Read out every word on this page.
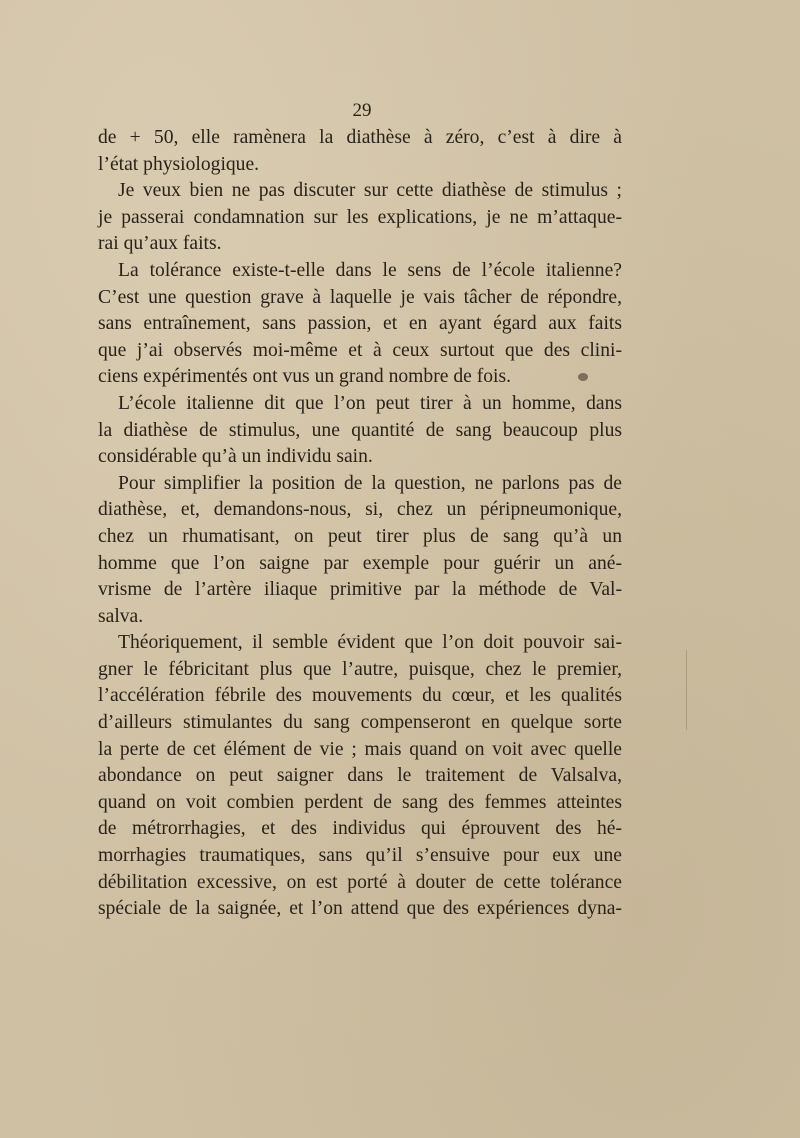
29
de + 50, elle ramènera la diathèse à zéro, c’est à dire à
l’état physiologique.
Je veux bien ne pas discuter sur cette diathèse de stimulus ;
je passerai condamnation sur les explications, je ne m’attaque-
rai qu’aux faits.
La tolérance existe-t-elle dans le sens de l’école italienne?
C’est une question grave à laquelle je vais tâcher de répondre,
sans entraînement, sans passion, et en ayant égard aux faits
que j’ai observés moi-même et à ceux surtout que des clini-
ciens expérimentés ont vus un grand nombre de fois.
L’école italienne dit que l’on peut tirer à un homme, dans
la diathèse de stimulus, une quantité de sang beaucoup plus
considérable qu’à un individu sain.
Pour simplifier la position de la question, ne parlons pas de
diathèse, et, demandons-nous, si, chez un péripneumonique,
chez un rhumatisant, on peut tirer plus de sang qu’à un
homme que l’on saigne par exemple pour guérir un ané-
vrisme de l’artère iliaque primitive par la méthode de Val-
salva.
Théoriquement, il semble évident que l’on doit pouvoir sai-
gner le fébricitant plus que l’autre, puisque, chez le premier,
l’accélération fébrile des mouvements du cœur, et les qualités
d’ailleurs stimulantes du sang compenseront en quelque sorte
la perte de cet élément de vie ; mais quand on voit avec quelle
abondance on peut saigner dans le traitement de Valsalva,
quand on voit combien perdent de sang des femmes atteintes
de métrorrhagies, et des individus qui éprouvent des hé-
morrhagies traumatiques, sans qu’il s’ensuive pour eux une
débilitation excessive, on est porté à douter de cette tolérance
spéciale de la saignée, et l’on attend que des expériences dyna-
